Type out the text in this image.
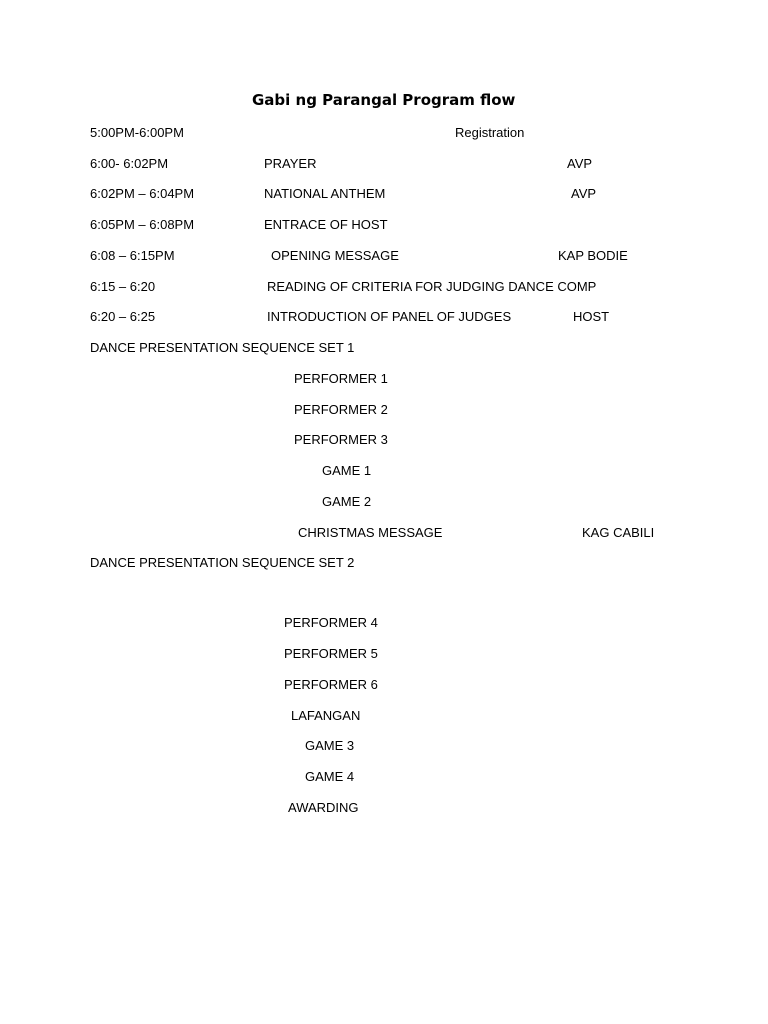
Gabi ng Parangal Program flow
5:00PM-6:00PM	Registration
6:00- 6:02PM	PRAYER	AVP
6:02PM – 6:04PM	NATIONAL ANTHEM	AVP
6:05PM – 6:08PM	ENTRACE OF HOST
6:08 – 6:15PM	OPENING MESSAGE	KAP BODIE
6:15 – 6:20	READING OF CRITERIA FOR JUDGING DANCE COMP
6:20 – 6:25	INTRODUCTION OF PANEL OF JUDGES	HOST
DANCE PRESENTATION SEQUENCE SET 1
PERFORMER 1
PERFORMER 2
PERFORMER 3
GAME 1
GAME 2
CHRISTMAS MESSAGE	KAG CABILI
DANCE PRESENTATION SEQUENCE SET 2
PERFORMER 4
PERFORMER 5
PERFORMER 6
LAFANGAN
GAME 3
GAME 4
AWARDING
